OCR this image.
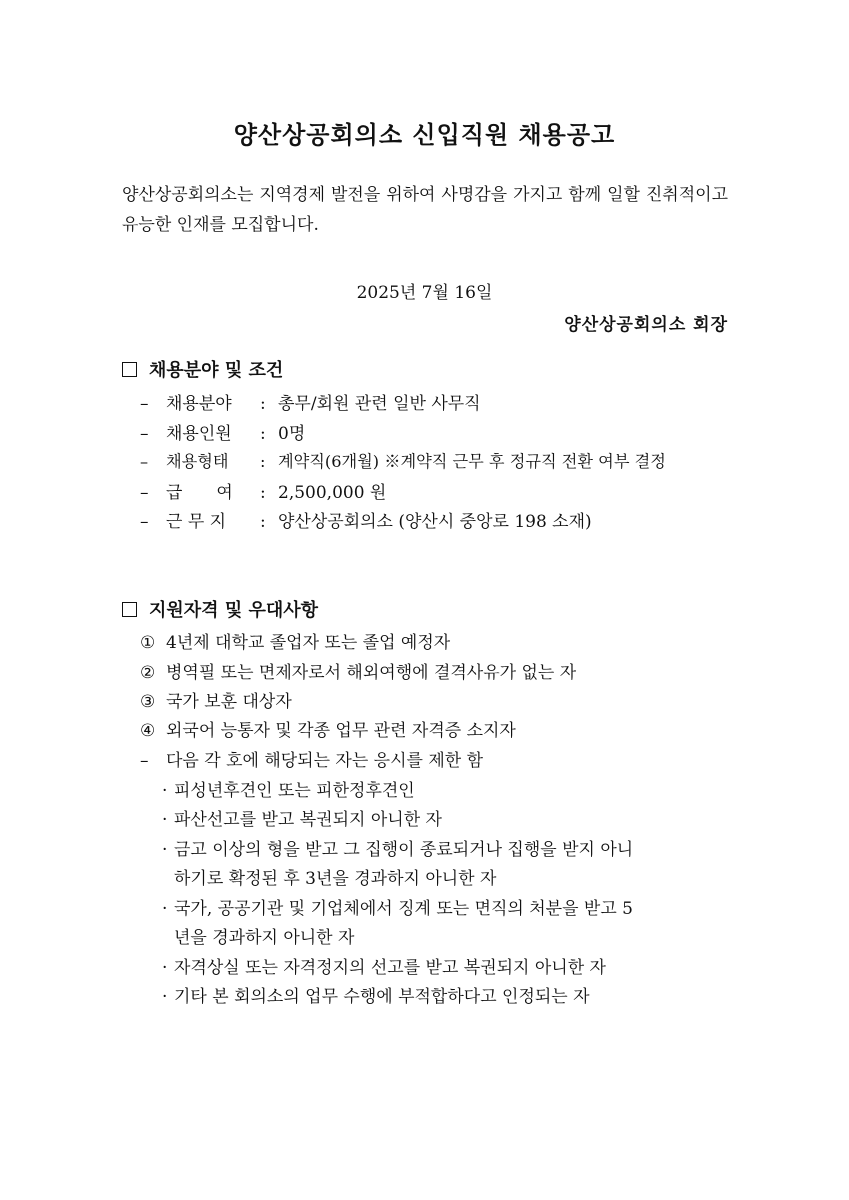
양산상공회의소 신입직원 채용공고
양산상공회의소는 지역경제 발전을 위하여 사명감을 가지고 함께 일할 진취적이고 유능한 인재를 모집합니다.
2025년 7월 16일
양산상공회의소 회장
채용분야 및 조건
– 채용분야 : 총무/회원 관련 일반 사무직
– 채용인원 : 0명
– 채용형태 : 계약직(6개월) ※계약직 근무 후 정규직 전환 여부 결정
– 급　　여 : 2,500,000 원
– 근 무 지 : 양산상공회의소 (양산시 중앙로 198 소재)
지원자격 및 우대사항
① 4년제 대학교 졸업자 또는 졸업 예정자
② 병역필 또는 면제자로서 해외여행에 결격사유가 없는 자
③ 국가 보훈 대상자
④ 외국어 능통자 및 각종 업무 관련 자격증 소지자
– 다음 각 호에 해당되는 자는 응시를 제한 함
· 피성년후견인 또는 피한정후견인
· 파산선고를 받고 복권되지 아니한 자
· 금고 이상의 형을 받고 그 집행이 종료되거나 집행을 받지 아니
하기로 확정된 후 3년을 경과하지 아니한 자
· 국가, 공공기관 및 기업체에서 징계 또는 면직의 처분을 받고 5
년을 경과하지 아니한 자
· 자격상실 또는 자격정지의 선고를 받고 복권되지 아니한 자
· 기타 본 회의소의 업무 수행에 부적합하다고 인정되는 자
